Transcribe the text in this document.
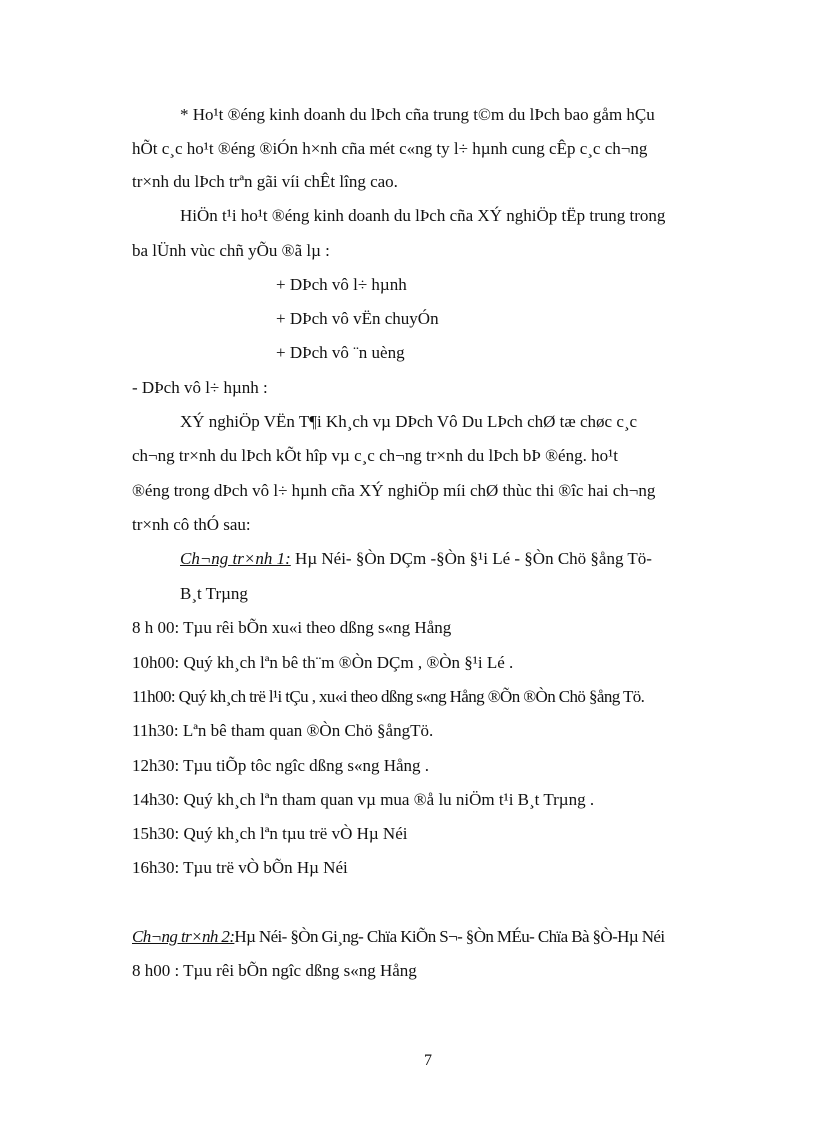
* Ho¹t ®éng kinh doanh du lÞch cña trung t©m du lÞch bao gåm hÇu

hÕt c¸c ho¹t ®éng ®iÓn h×nh cña mét c«ng ty l÷ hµnh cung cÊp c¸c ch¬ng

tr×nh du lÞch trªn gãi víi chÊt lîng cao.

HiÖn t¹i ho¹t ®éng kinh doanh du lÞch cña XÝ nghiÖp tËp trung trong

ba lÜnh vùc chñ yÕu ®ã lµ :

+ DÞch vô l÷ hµnh

+ DÞch vô vËn chuyÓn

+ DÞch vô ¨n uèng

- DÞch vô l÷ hµnh :

XÝ nghiÖp VËn T¶i Kh¸ch vµ DÞch Vô Du LÞch chØ tæ chøc c¸c

ch¬ng tr×nh du lÞch kÕt hîp vµ c¸c ch¬ng tr×nh du lÞch bÞ ®éng. ho¹t

®éng trong dÞch vô l÷ hµnh cña XÝ nghiÖp míi chØ thùc thi ®îc hai ch¬ng

tr×nh cô thÓ sau:

Ch¬ng tr×nh 1: Hµ Néi- §Òn DÇm -§Òn §¹i Lé - §Òn Chö §ång Tö-

B¸t Trµng

8 h 00: Tµu rêi bÕn xu«i theo dßng s«ng Hång

10h00: Quý kh¸ch lªn bê th¨m ®Òn DÇm , ®Òn §¹i Lé .

11h00: Quý kh¸ch trë l¹i tÇu , xu«i theo dßng s«ng Hång ®Õn ®Òn Chö §ång Tö.

11h30: Lªn bê tham quan ®Òn Chö §ångTö.

12h30: Tµu tiÕp tôc ngîc dßng s«ng Hång .

14h30: Quý kh¸ch lªn tham quan vµ mua ®å lu niÖm t¹i B¸t Trµng .

15h30: Quý kh¸ch lªn tµu trë vÒ Hµ Néi

16h30: Tµu trë vÒ bÕn Hµ Néi

Ch¬ng tr×nh 2:Hµ Néi- §Òn Gi¸ng- Chïa KiÕn S¬- §Òn MÉu- Chïa Bà §Ò-Hµ Néi

8 h00 : Tµu rêi bÕn ngîc dßng s«ng Hång

7
